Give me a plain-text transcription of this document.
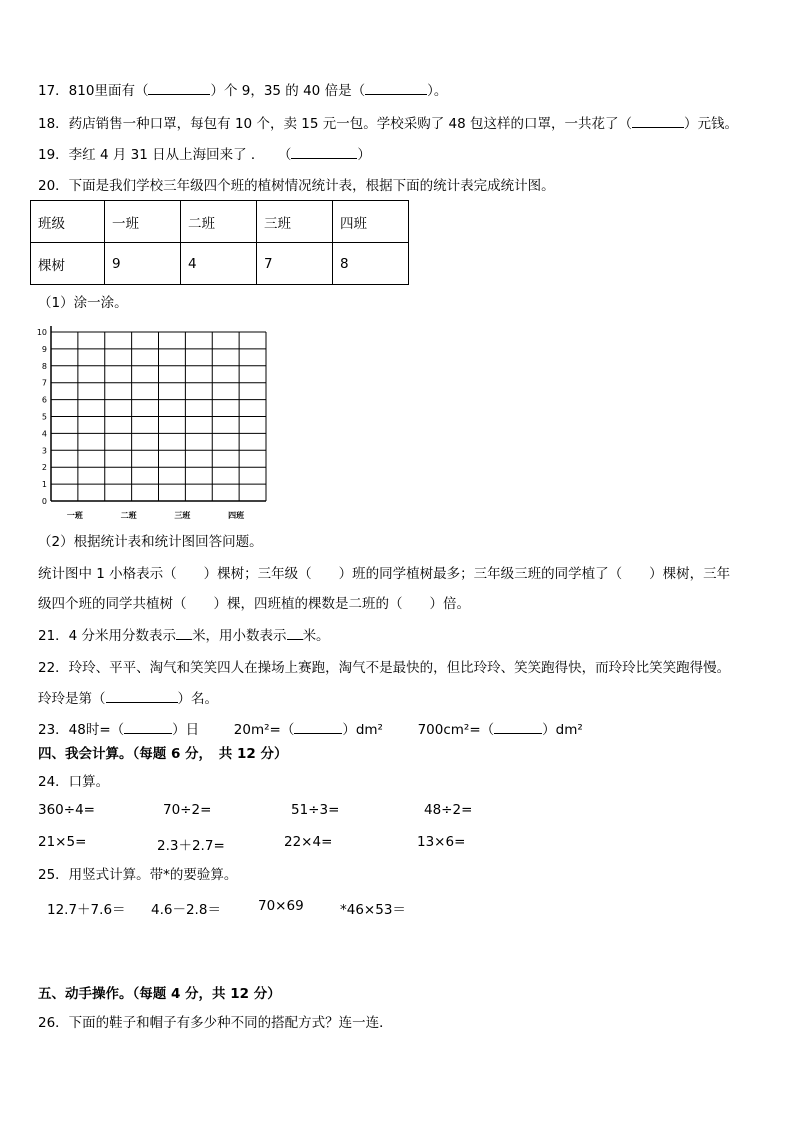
17．810里面有（	）个 9，35 的 40 倍是（	）。
18．药店销售一种口罩，每包有 10 个，卖 15 元一包。学校采购了 48 包这样的口罩，一共花了（	）元钱。
19．李红 4 月 31 日从上海回来了 ．　　（	）
20．下面是我们学校三年级四个班的植树情况统计表，根据下面的统计表完成统计图。
班级	一班	二班	三班	四班
棵树	9	4	7	8
（1）涂一涂。
0
1
2
3
4
5
6
7
8
9
10
一班	二班	三班	四班
（2）根据统计表和统计图回答问题。
统计图中 1 小格表示（　　）棵树；三年级（　　）班的同学植树最多；三年级三班的同学植了（　　）棵树，三年
级四个班的同学共植树（　　）棵，四班植的棵数是二班的（　　）倍。
21．4 分米用分数表示 米，用小数表示 米。
22．玲玲、平平、淘气和笑笑四人在操场上赛跑，淘气不是最快的，但比玲玲、笑笑跑得快，而玲玲比笑笑跑得慢。
玲玲是第（	）名。
23．48时=（	）日	20m²=（	）dm²	700cm²=（	）dm²
四、我会计算。（每题 6 分，　共 12 分）
24．口算。
360÷4=	70÷2=	51÷3=	48÷2=
21×5=	2.3＋2.7=	22×4=	13×6=
25．用竖式计算。带*的要验算。
12.7＋7.6＝ 4.6－2.8＝	70×69	*46×53＝
五、动手操作。（每题 4 分，共 12 分）
26．下面的鞋子和帽子有多少种不同的搭配方式？连一连．
